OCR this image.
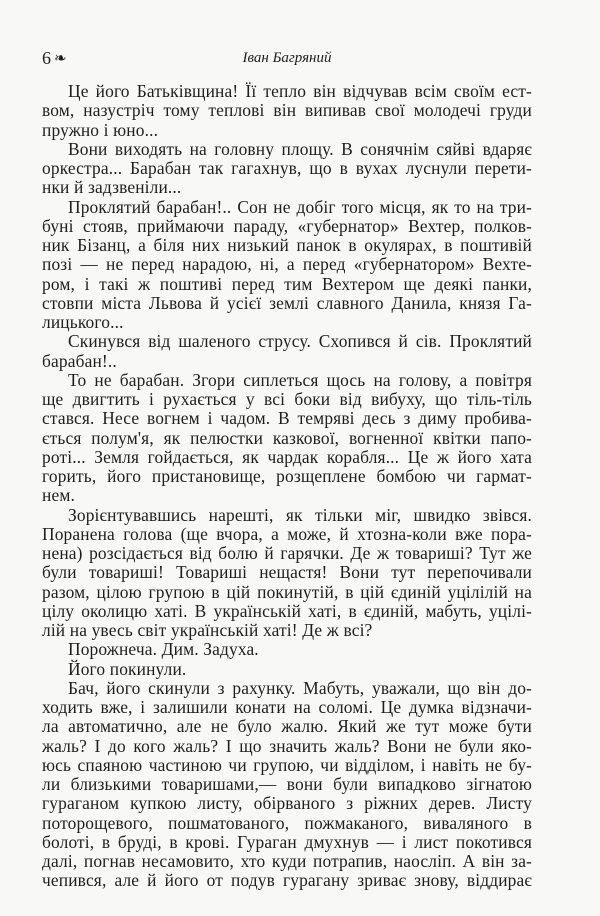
6 ❧	Іван Багряний
Це його Батьківщина! Її тепло він відчував всім своїм ест-
вом, назустріч тому теплові він випивав свої молодечі груди
пружно і юно...
Вони виходять на головну площу. В сонячнім сяйві вдаряє
оркестра... Барабан так гагахнув, що в вухах луснули перети-
нки й задзвеніли...
Проклятий барабан!.. Сон не добіг того місця, як то на три-
буні стояв, приймаючи параду, «губернатор» Вехтер, полков-
ник Бізанц, а біля них низький панок в окулярах, в поштивій
позі — не перед нарадою, ні, а перед «губернатором» Вехте-
ром, і такі ж поштиві перед тим Вехтером ще деякі панки,
стовпи міста Львова й усієї землі славного Данила, князя Га-
лицького...
Скинувся від шаленого струсу. Схопився й сів. Проклятий
барабан!..
То не барабан. Згори сиплеться щось на голову, а повітря
ще двигтить і рухається у всі боки від вибуху, що тіль-тіль
стався. Несе вогнем і чадом. В темряві десь з диму пробива-
ється полум'я, як пелюстки казкової, вогненної квітки папо-
роті... Земля гойдається, як чардак корабля... Це ж його хата
горить, його пристановище, розщеплене бомбою чи гармат-
нем.
Зорієнтувавшись нарешті, як тільки міг, швидко звівся.
Поранена голова (ще вчора, а може, й хтозна-коли вже пора-
нена) розсідається від болю й гарячки. Де ж товариші? Тут же
були товариші! Товариші нещастя! Вони тут перепочивали
разом, цілою групою в цій покинутій, в цій єдиній уцілілій на
цілу околицю хаті. В українській хаті, в єдиній, мабуть, уцілі-
лій на увесь світ українській хаті! Де ж всі?
Порожнеча. Дим. Задуха.
Його покинули.
Бач, його скинули з рахунку. Мабуть, уважали, що він до-
ходить вже, і залишили конати на соломі. Це думка відзначи-
ла автоматично, але не було жалю. Який же тут може бути
жаль? І до кого жаль? І що значить жаль? Вони не були яко-
юсь спаяною частиною чи групою, чи відділом, і навіть не бу-
ли близькими товаришами,— вони були випадково зігнатою
гураганом купкою листу, обірваного з ріжних дерев. Листу
поторощевого, пошматованого, пожмаканого, виваляного в
болоті, в бруді, в крові. Гураган дмухнув — і лист покотився
далі, погнав несамовито, хто куди потрапив, наосліп. А він за-
чепився, але й його от подув гурагану зриває знову, віддирає
